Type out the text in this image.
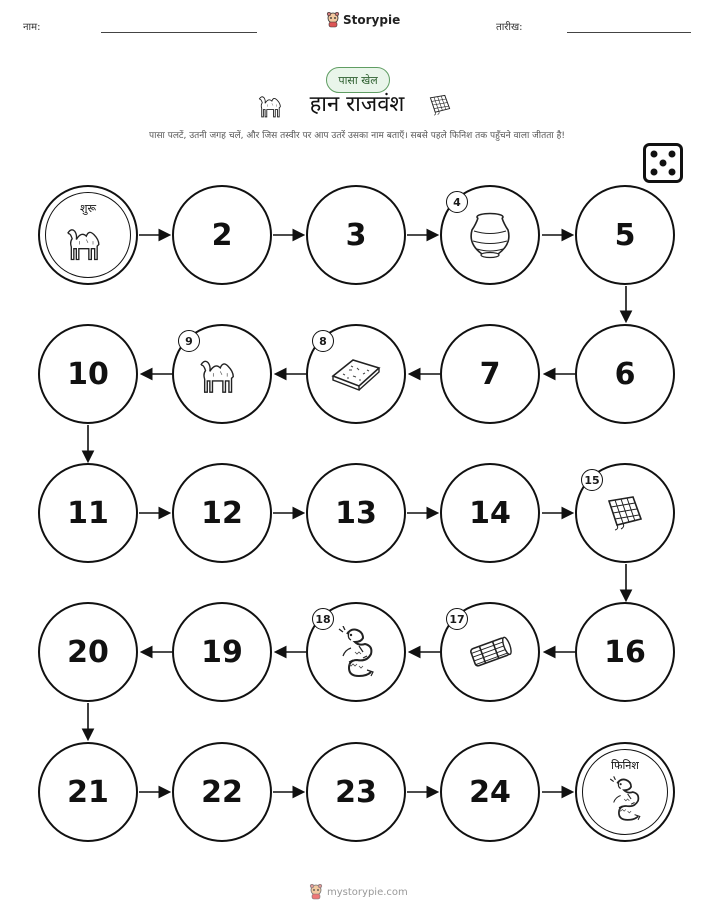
नाम:
Storypie
तारीख:
पासा खेल
हान राजवंश
पासा पलटें, उतनी जगह चलें, और जिस तस्वीर पर आप उतरें उसका नाम बताएँ। सबसे पहले फिनिश तक पहुँचने वाला जीतता है!
शुरू
2	3
4
5
6
7
8
9
10
11	12	13	14
15
16
17
18
19
20
21	22	23	24
फिनिश
mystorypie.com
